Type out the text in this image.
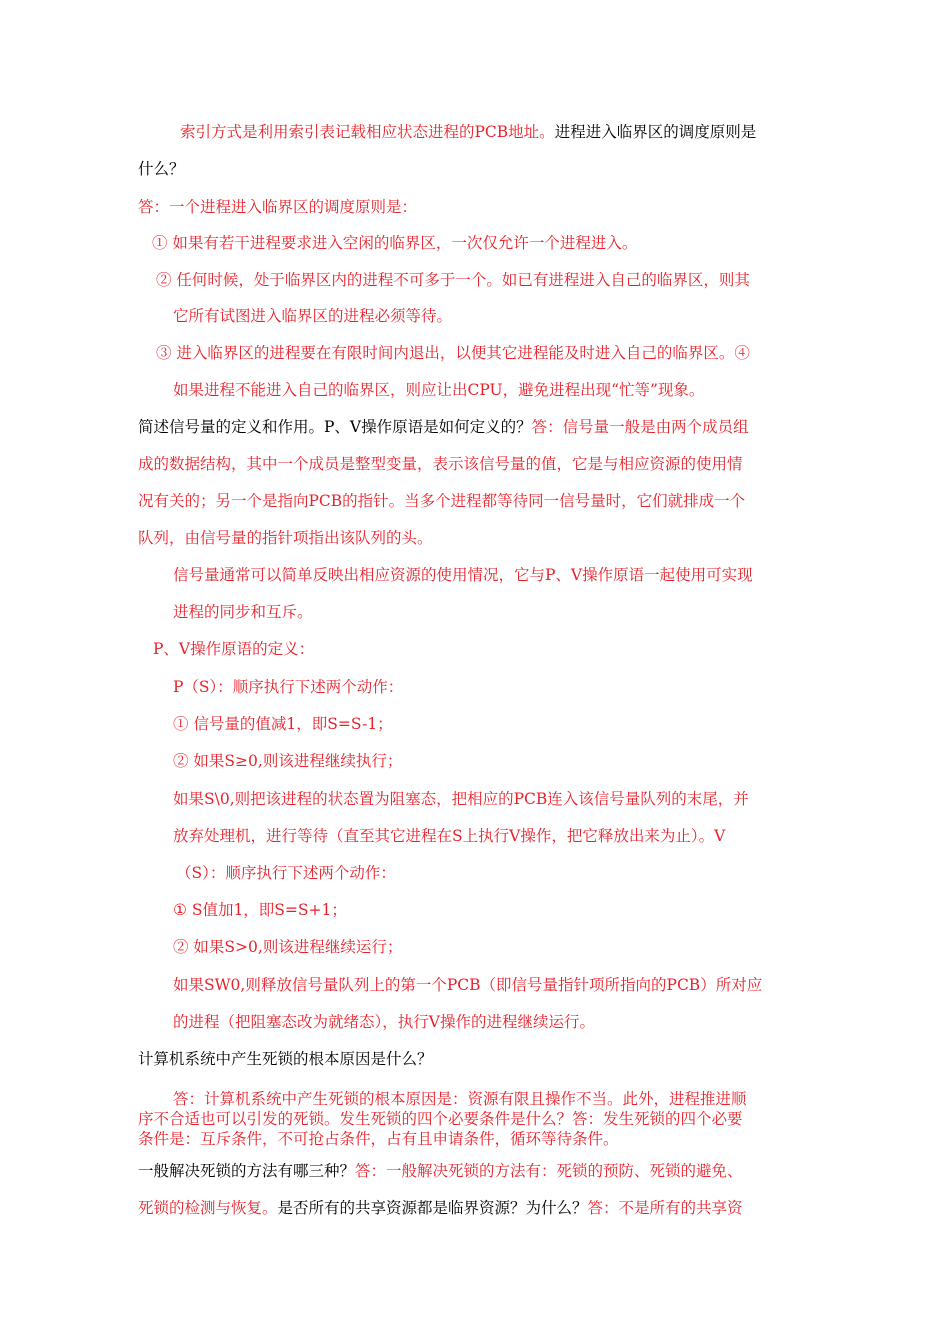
索引方式是利用索引表记载相应状态进程的PCB地址。进程进入临界区的调度原则是
什么？
答：一个进程进入临界区的调度原则是：
① 如果有若干进程要求进入空闲的临界区，一次仅允许一个进程进入。
② 任何时候，处于临界区内的进程不可多于一个。如已有进程进入自己的临界区，则其
它所有试图进入临界区的进程必须等待。
③ 进入临界区的进程要在有限时间内退出，以便其它进程能及时进入自己的临界区。④
如果进程不能进入自己的临界区，则应让出CPU，避免进程出现“忙等”现象。
简述信号量的定义和作用。P、V操作原语是如何定义的？答：信号量一般是由两个成员组
成的数据结构，其中一个成员是整型变量，表示该信号量的值，它是与相应资源的使用情
况有关的；另一个是指向PCB的指针。当多个进程都等待同一信号量时，它们就排成一个
队列，由信号量的指针项指出该队列的头。
信号量通常可以简单反映出相应资源的使用情况，它与P、V操作原语一起使用可实现
进程的同步和互斥。
P、V操作原语的定义：
P（S）：顺序执行下述两个动作：
① 信号量的值减1，即S=S-1；
② 如果S≥0,则该进程继续执行；
如果S\0,则把该进程的状态置为阻塞态，把相应的PCB连入该信号量队列的末尾，并
放弃处理机，进行等待（直至其它进程在S上执行V操作，把它释放出来为止）。V
（S）：顺序执行下述两个动作：
① S值加1，即S=S+1；
② 如果S>0,则该进程继续运行；
如果SW0,则释放信号量队列上的第一个PCB（即信号量指针项所指向的PCB）所对应
的进程（把阻塞态改为就绪态），执行V操作的进程继续运行。
计算机系统中产生死锁的根本原因是什么？
答：计算机系统中产生死锁的根本原因是：资源有限且操作不当。此外，进程推进顺
序不合适也可以引发的死锁。发生死锁的四个必要条件是什么？答：发生死锁的四个必要
条件是：互斥条件，不可抢占条件，占有且申请条件，循环等待条件。
一般解决死锁的方法有哪三种？答：一般解决死锁的方法有：死锁的预防、死锁的避免、
死锁的检测与恢复。是否所有的共享资源都是临界资源？为什么？答：不是所有的共享资
